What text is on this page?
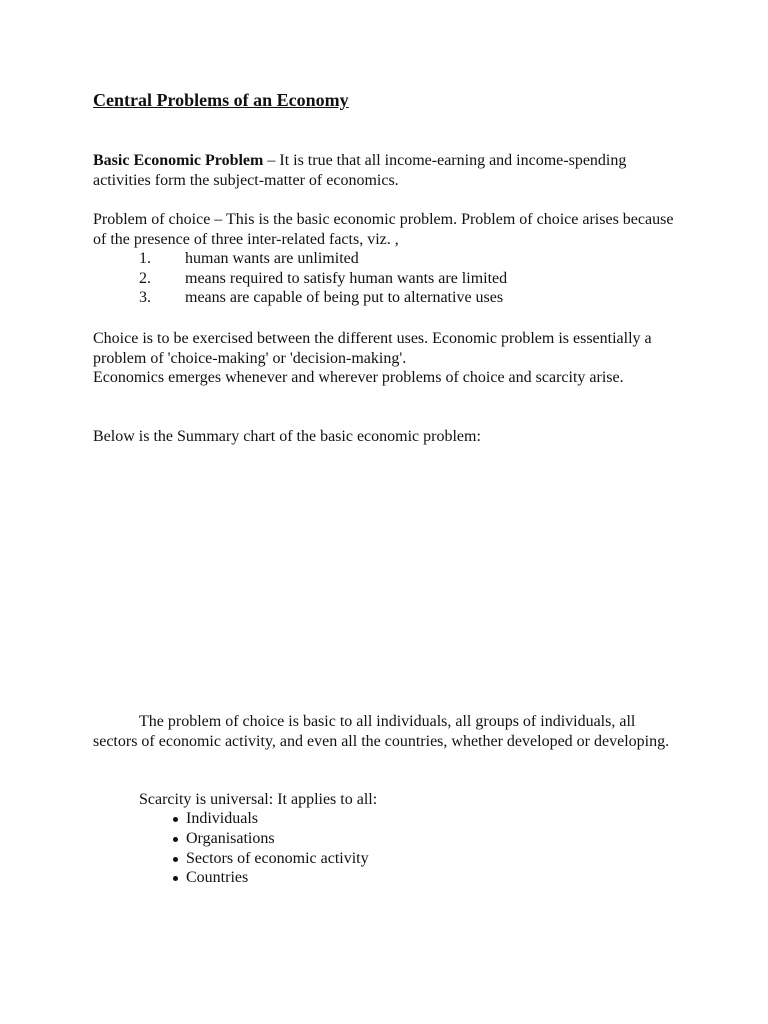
Central Problems of an Economy

Basic Economic Problem – It is true that all income-earning and income-spending activities form the subject-matter of economics.

Problem of choice – This is the basic economic problem. Problem of choice arises because of the presence of three inter-related facts, viz. ,

1. human wants are unlimited
2. means required to satisfy human wants are limited
3. means are capable of being put to alternative uses
Choice is to be exercised between the different uses. Economic problem is essentially a problem of 'choice-making' or 'decision-making'.
Economics emerges whenever and wherever problems of choice and scarcity arise.

Below is the Summary chart of the basic economic problem:

The problem of choice is basic to all individuals, all groups of individuals, all sectors of economic activity, and even all the countries, whether developed or developing.

Scarcity is universal: It applies to all:

Individuals
Organisations
Sectors of economic activity
Countries
